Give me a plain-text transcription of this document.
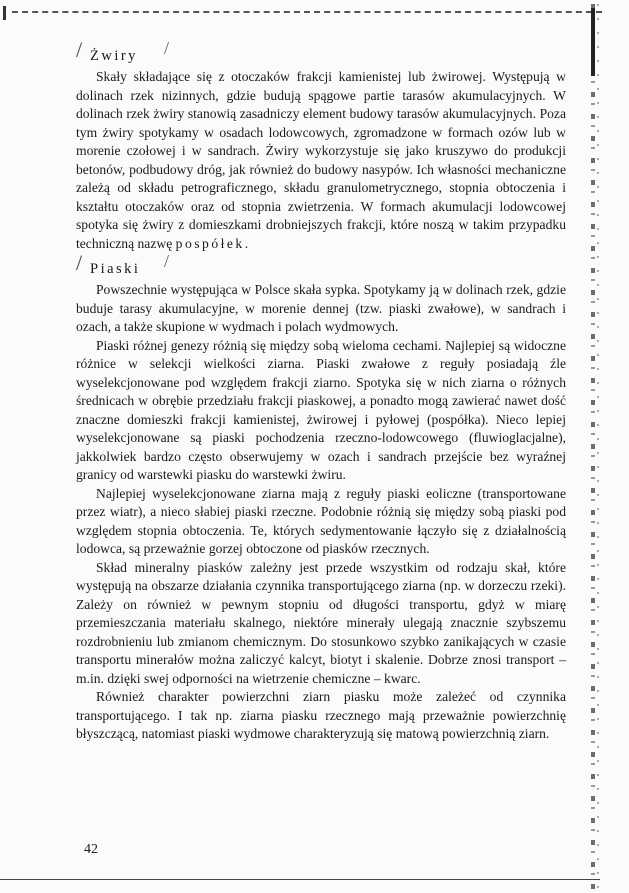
/ Żwiry /

Skały składające się z otoczaków frakcji kamienistej lub żwirowej. Występują w dolinach rzek nizinnych, gdzie budują spągowe partie tarasów akumulacyjnych. W dolinach rzek żwiry stanowią zasadniczy element budowy tarasów akumulacyjnych. Poza tym żwiry spotykamy w osadach lodowcowych, zgromadzone w formach ozów lub w morenie czołowej i w sandrach. Żwiry wykorzystuje się jako kruszywo do produkcji betonów, podbudowy dróg, jak również do budowy nasypów. Ich własności mechaniczne zależą od składu petrograficznego, składu granulometrycznego, stopnia obtoczenia i kształtu otoczaków oraz od stopnia zwietrzenia. W formach akumulacji lodowcowej spotyka się żwiry z domieszkami drobniejszych frakcji, które noszą w takim przypadku techniczną nazwę pospółek.

/ Piaski /

Powszechnie występująca w Polsce skała sypka. Spotykamy ją w dolinach rzek, gdzie buduje tarasy akumulacyjne, w morenie dennej (tzw. piaski zwałowe), w sandrach i ozach, a także skupione w wydmach i polach wydmowych.

Piaski różnej genezy różnią się między sobą wieloma cechami. Najlepiej są widoczne różnice w selekcji wielkości ziarna. Piaski zwałowe z reguły posiadają źle wyselekcjonowane pod względem frakcji ziarno. Spotyka się w nich ziarna o różnych średnicach w obrębie przedziału frakcji piaskowej, a ponadto mogą zawierać nawet dość znaczne domieszki frakcji kamienistej, żwirowej i pyłowej (pospółka). Nieco lepiej wyselekcjonowane są piaski pochodzenia rzeczno-lodowcowego (fluwioglacjalne), jakkolwiek bardzo często obserwujemy w ozach i sandrach przejście bez wyraźnej granicy od warstewki piasku do warstewki żwiru.

Najlepiej wyselekcjonowane ziarna mają z reguły piaski eoliczne (transportowane przez wiatr), a nieco słabiej piaski rzeczne. Podobnie różnią się między sobą piaski pod względem stopnia obtoczenia. Te, których sedymentowanie łączyło się z działalnością lodowca, są przeważnie gorzej obtoczone od piasków rzecznych.

Skład mineralny piasków zależny jest przede wszystkim od rodzaju skał, które występują na obszarze działania czynnika transportującego ziarna (np. w dorzeczu rzeki). Zależy on również w pewnym stopniu od długości transportu, gdyż w miarę przemieszczania materiału skalnego, niektóre minerały ulegają znacznie szybszemu rozdrobnieniu lub zmianom chemicznym. Do stosunkowo szybko zanikających w czasie transportu minerałów można zaliczyć kalcyt, biotyt i skalenie. Dobrze znosi transport – m.in. dzięki swej odporności na wietrzenie chemiczne – kwarc.

Również charakter powierzchni ziarn piasku może zależeć od czynnika transportującego. I tak np. ziarna piasku rzecznego mają przeważnie powierzchnię błyszczącą, natomiast piaski wydmowe charakteryzują się matową powierzchnią ziarn.

42
